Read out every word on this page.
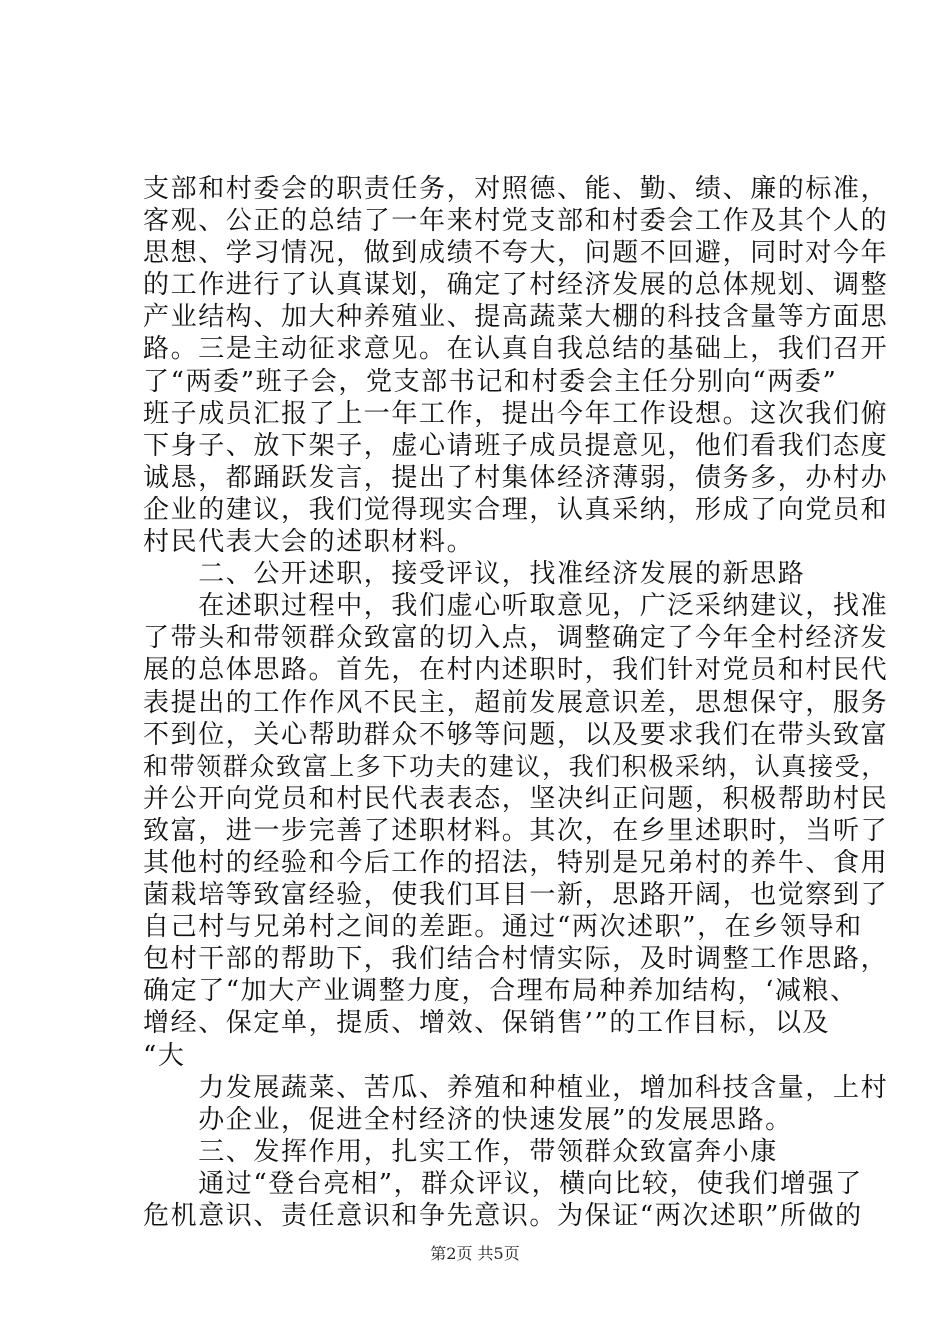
支部和村委会的职责任务，对照德、能、勤、绩、廉的标准，
客观、公正的总结了一年来村党支部和村委会工作及其个人的
思想、学习情况，做到成绩不夸大，问题不回避，同时对今年
的工作进行了认真谋划，确定了村经济发展的总体规划、调整
产业结构、加大种养殖业、提高蔬菜大棚的科技含量等方面思
路。三是主动征求意见。在认真自我总结的基础上，我们召开
了“两委”班子会，党支部书记和村委会主任分别向“两委”
班子成员汇报了上一年工作，提出今年工作设想。这次我们俯
下身子、放下架子，虚心请班子成员提意见，他们看我们态度
诚恳，都踊跃发言，提出了村集体经济薄弱，债务多，办村办
企业的建议，我们觉得现实合理，认真采纳，形成了向党员和
村民代表大会的述职材料。
　　二、公开述职，接受评议，找准经济发展的新思路
　　在述职过程中，我们虚心听取意见，广泛采纳建议，找准
了带头和带领群众致富的切入点，调整确定了今年全村经济发
展的总体思路。首先，在村内述职时，我们针对党员和村民代
表提出的工作作风不民主，超前发展意识差，思想保守，服务
不到位，关心帮助群众不够等问题，以及要求我们在带头致富
和带领群众致富上多下功夫的建议，我们积极采纳，认真接受，
并公开向党员和村民代表表态，坚决纠正问题，积极帮助村民
致富，进一步完善了述职材料。其次，在乡里述职时，当听了
其他村的经验和今后工作的招法，特别是兄弟村的养牛、食用
菌栽培等致富经验，使我们耳目一新，思路开阔，也觉察到了
自己村与兄弟村之间的差距。通过“两次述职”，在乡领导和
包村干部的帮助下，我们结合村情实际，及时调整工作思路，
确定了“加大产业调整力度，合理布局种养加结构，‘减粮、
增经、保定单，提质、增效、保销售’”的工作目标，以及
“大
　　力发展蔬菜、苦瓜、养殖和种植业，增加科技含量，上村
　　办企业，促进全村经济的快速发展”的发展思路。
　　三、发挥作用，扎实工作，带领群众致富奔小康
　　通过“登台亮相”，群众评议，横向比较，使我们增强了
危机意识、责任意识和争先意识。为保证“两次述职”所做的
第2页 共5页
